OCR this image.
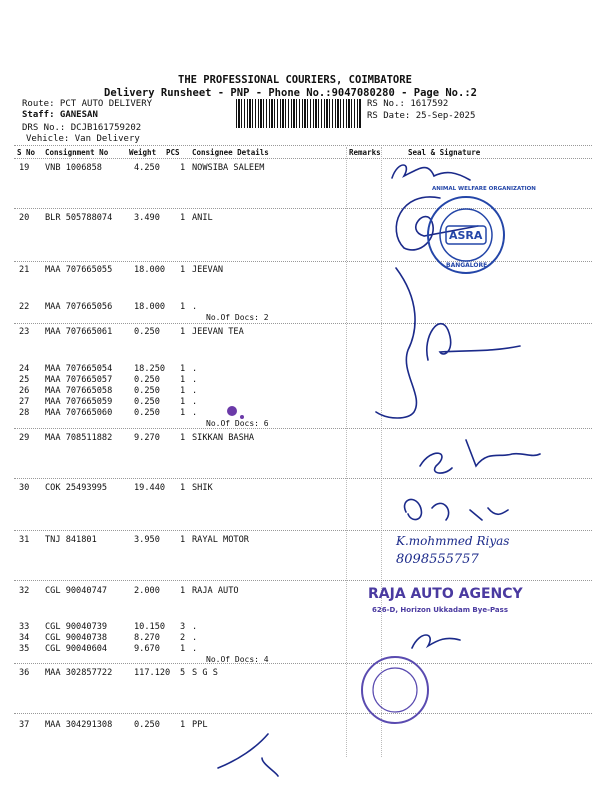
THE PROFESSIONAL COURIERS, COIMBATORE
Delivery Runsheet - PNP - Phone No.:9047080280 - Page No.:2
Route: PCT AUTO DELIVERY
Staff: GANESAN
DRS No.: DCJB161759202
Vehicle: Van Delivery
RS No.: 1617592
RS Date: 25-Sep-2025
S No Consignment No	Weight PCS Consignee Details	Remarks	Seal & Signature
19 VNB 1006858	4.250 1 NOWSIBA SALEEM
20 BLR 505788074	3.490 1 ANIL
21 MAA 707665055	18.000 1 JEEVAN
22 MAA 707665056	18.000 1 .
No.Of Docs: 2
23 MAA 707665061	0.250 1 JEEVAN TEA
24 MAA 707665054	18.250 1 .
25 MAA 707665057	0.250 1 .
26 MAA 707665058	0.250 1 .
27 MAA 707665059	0.250 1 .
28 MAA 707665060	0.250 1 .
No.Of Docs: 6
29 MAA 708511882	9.270 1 SIKKAN BASHA
30 COK 25493995	19.440 1 SHIK
31 TNJ 841801	3.950 1 RAYAL MOTOR
32 CGL 90040747	2.000 1 RAJA AUTO
33 CGL 90040739	10.150 3 .
34 CGL 90040738	8.270 2 .
35 CGL 90040604	9.670 1 .
No.Of Docs: 4
36 MAA 302857722	117.120 5 S G S
37 MAA 304291308	0.250 1 PPL
ASRA
ANIMAL WELFARE ORGANIZATION
BANGALORE
K.mohmmed Riyas
8098555757
RAJA AUTO AGENCY
626-D, Horizon Ukkadam Bye-Pass
